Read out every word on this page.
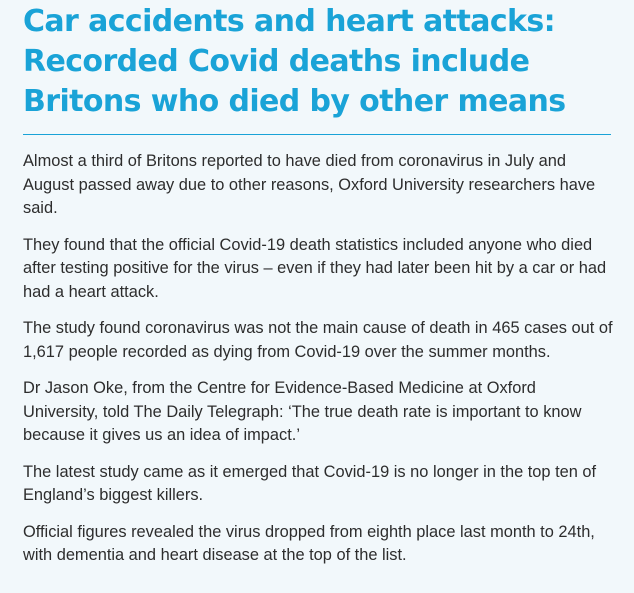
Car accidents and heart attacks: Recorded Covid deaths include Britons who died by other means

Almost a third of Britons reported to have died from coronavirus in July and August passed away due to other reasons, Oxford University researchers have said.

They found that the official Covid-19 death statistics included anyone who died after testing positive for the virus – even if they had later been hit by a car or had had a heart attack.

The study found coronavirus was not the main cause of death in 465 cases out of 1,617 people recorded as dying from Covid-19 over the summer months.

Dr Jason Oke, from the Centre for Evidence-Based Medicine at Oxford University, told The Daily Telegraph: ‘The true death rate is important to know because it gives us an idea of impact.’

The latest study came as it emerged that Covid-19 is no longer in the top ten of England’s biggest killers.

Official figures revealed the virus dropped from eighth place last month to 24th, with dementia and heart disease at the top of the list.
